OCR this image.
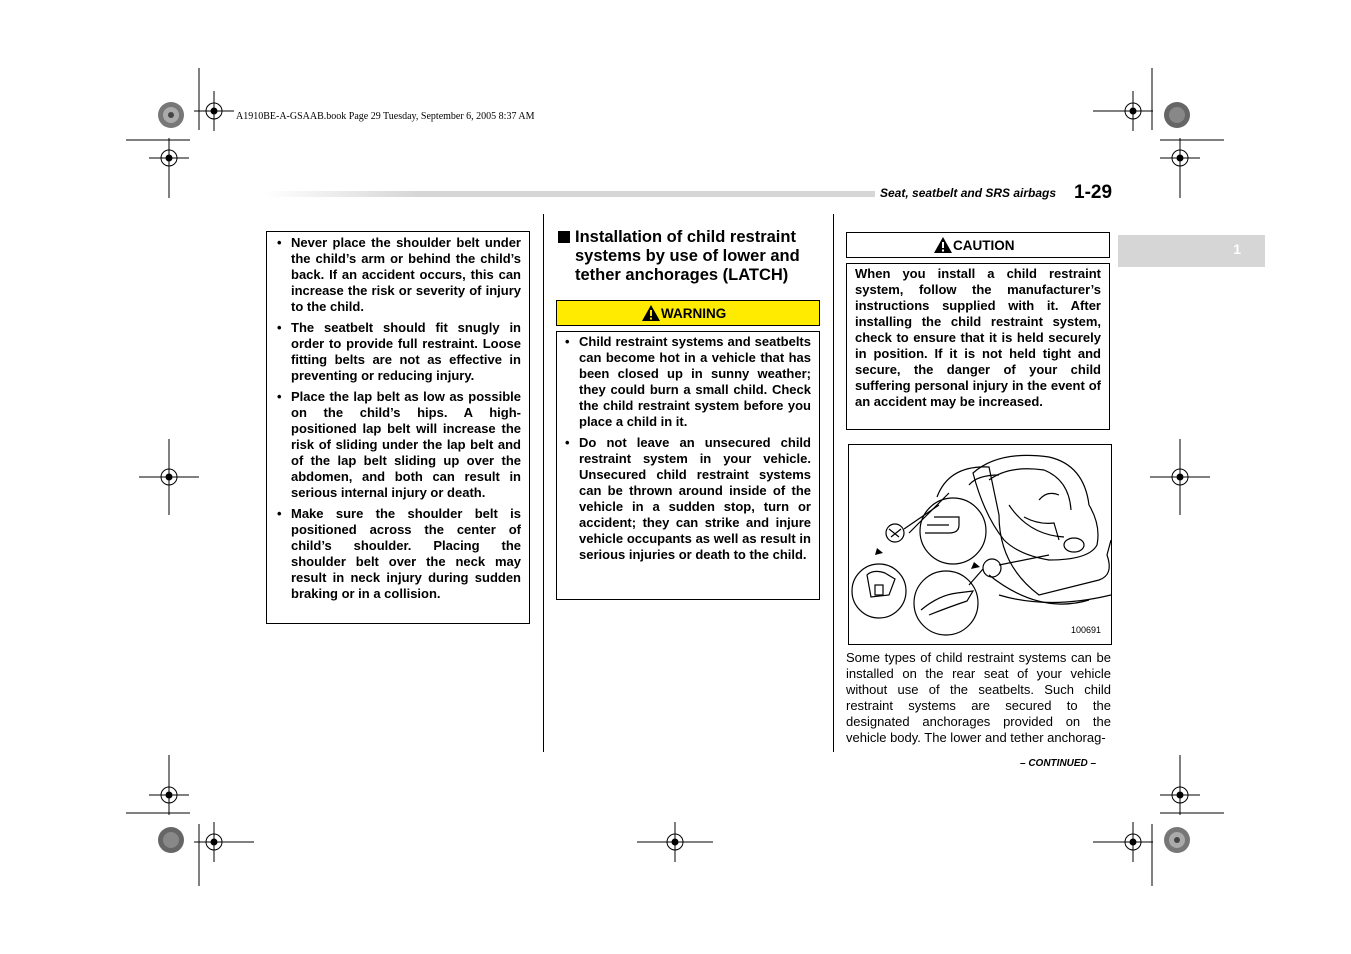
A1910BE-A-GSAAB.book Page 29 Tuesday, September 6, 2005 8:37 AM
Seat, seatbelt and SRS airbags 1-29
1
• Never place the shoulder belt under the child’s arm or behind the child’s back. If an accident occurs, this can increase the risk or severity of injury to the child.
• The seatbelt should fit snugly in order to provide full restraint. Loose fitting belts are not as effective in preventing or reducing injury.
• Place the lap belt as low as possible on the child’s hips. A high-positioned lap belt will increase the risk of sliding under the lap belt and of the lap belt sliding up over the abdomen, and both can result in serious internal injury or death.
• Make sure the shoulder belt is positioned across the center of child’s shoulder. Placing the shoulder belt over the neck may result in neck injury during sudden braking or in a collision.
Installation of child restraint systems by use of lower and tether anchorages (LATCH)
WARNING
• Child restraint systems and seatbelts can become hot in a vehicle that has been closed up in sunny weather; they could burn a small child. Check the child restraint system before you place a child in it.
• Do not leave an unsecured child restraint system in your vehicle. Unsecured child restraint systems can be thrown around inside of the vehicle in a sudden stop, turn or accident; they can strike and injure vehicle occupants as well as result in serious injuries or death to the child.
CAUTION
When you install a child restraint system, follow the manufacturer’s instructions supplied with it. After installing the child restraint system, check to ensure that it is held securely in position. If it is not held tight and secure, the danger of your child suffering personal injury in the event of an accident may be increased.
100691
Some types of child restraint systems can be installed on the rear seat of your vehicle without use of the seatbelts. Such child restraint systems are secured to the designated anchorages provided on the vehicle body. The lower and tether anchorag-
– CONTINUED –
